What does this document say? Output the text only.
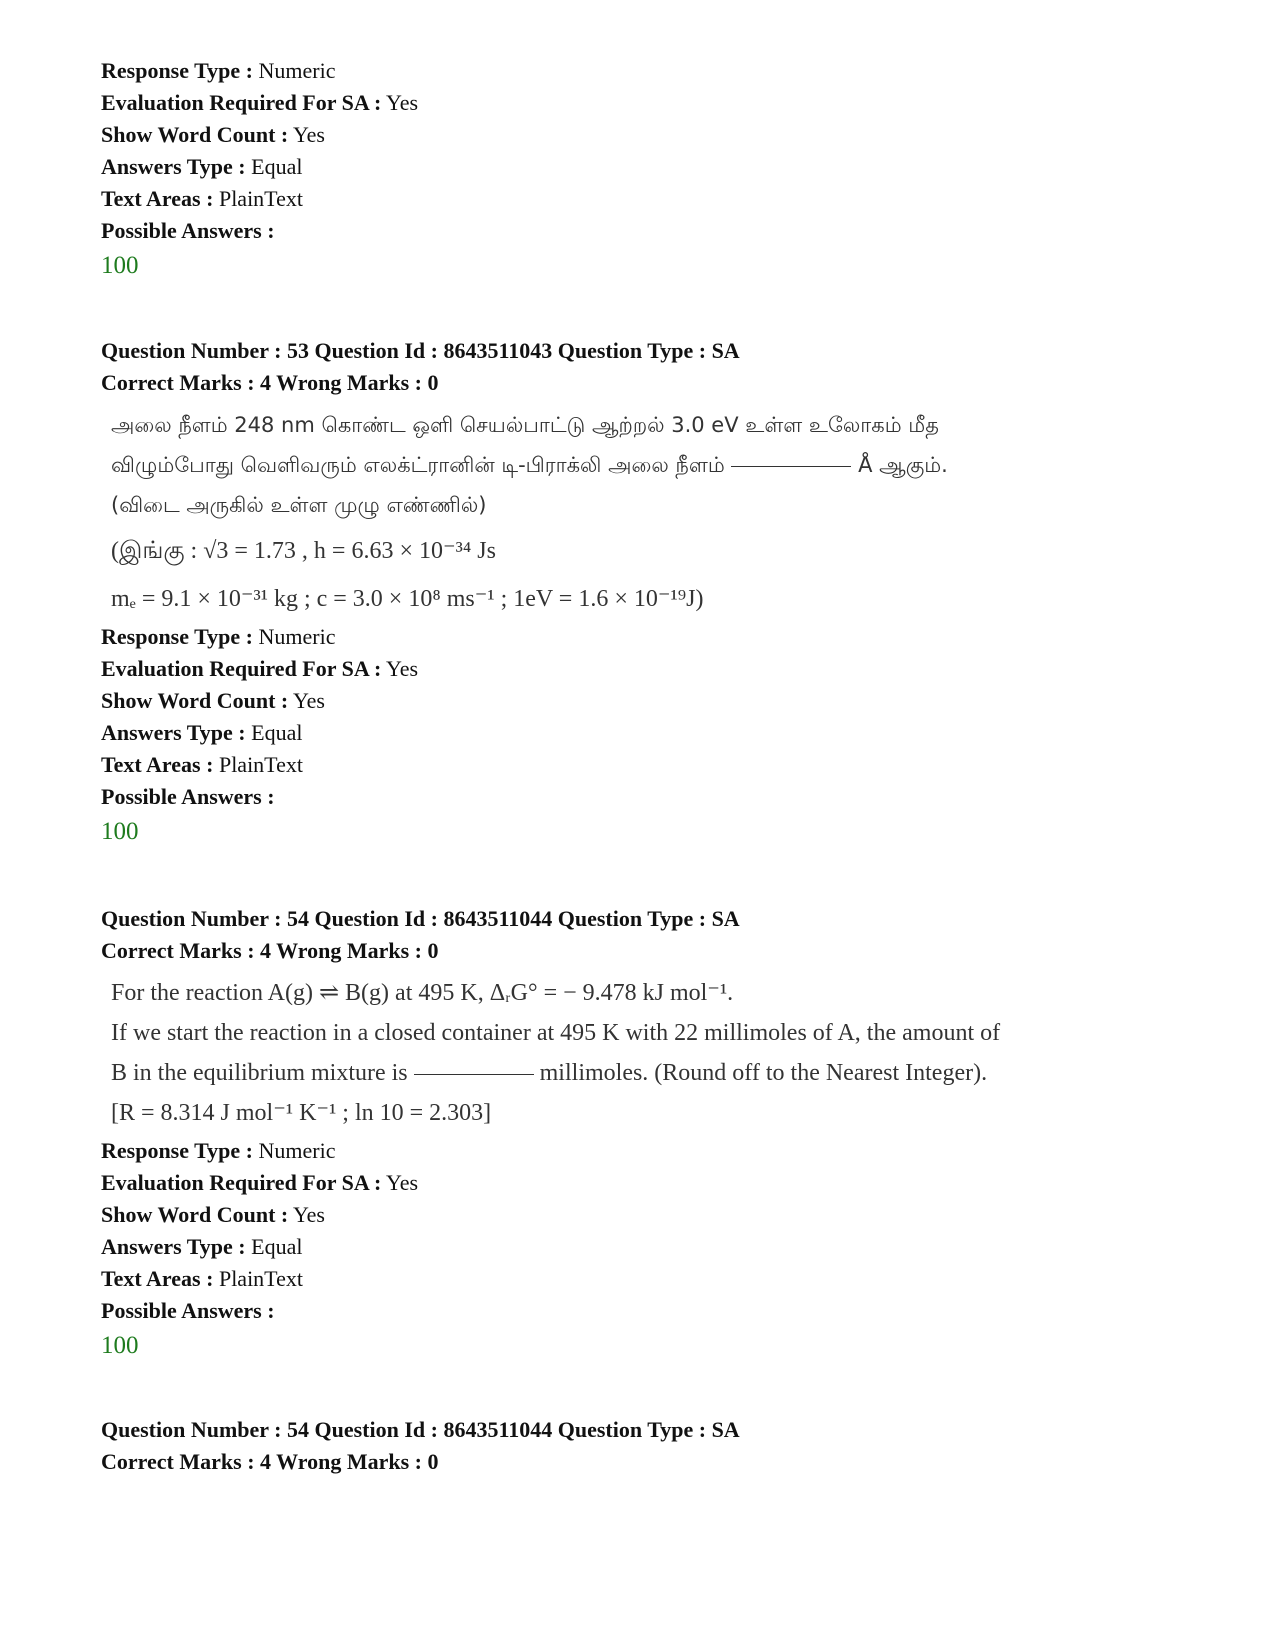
Response Type : Numeric
Evaluation Required For SA : Yes
Show Word Count : Yes
Answers Type : Equal
Text Areas : PlainText
Possible Answers :
100
Question Number : 53 Question Id : 8643511043 Question Type : SA
Correct Marks : 4 Wrong Marks : 0
அலை நீளம் 248 nm கொண்ட ஒளி செயல்பாட்டு ஆற்றல் 3.0 eV உள்ள உலோகம் மீத
விழும்போது வெளிவரும் எலக்ட்ரானின் டி-பிராக்லி அலை நீளம்	Å ஆகும்.
(விடை அருகில் உள்ள முழு எண்ணில்)
(இங்கு : √3 = 1.73 , h = 6.63 × 10⁻³⁴ Js
mₑ = 9.1 × 10⁻³¹ kg ; c = 3.0 × 10⁸ ms⁻¹ ; 1eV = 1.6 × 10⁻¹⁹J)
Response Type : Numeric
Evaluation Required For SA : Yes
Show Word Count : Yes
Answers Type : Equal
Text Areas : PlainText
Possible Answers :
100
Question Number : 54 Question Id : 8643511044 Question Type : SA
Correct Marks : 4 Wrong Marks : 0
For the reaction A(g) ⇌ B(g) at 495 K, ΔᵣG° = − 9.478 kJ mol⁻¹.
If we start the reaction in a closed container at 495 K with 22 millimoles of A, the amount of
B in the equilibrium mixture is	millimoles. (Round off to the Nearest Integer).
[R = 8.314 J mol⁻¹ K⁻¹ ; ln 10 = 2.303]
Response Type : Numeric
Evaluation Required For SA : Yes
Show Word Count : Yes
Answers Type : Equal
Text Areas : PlainText
Possible Answers :
100
Question Number : 54 Question Id : 8643511044 Question Type : SA
Correct Marks : 4 Wrong Marks : 0
